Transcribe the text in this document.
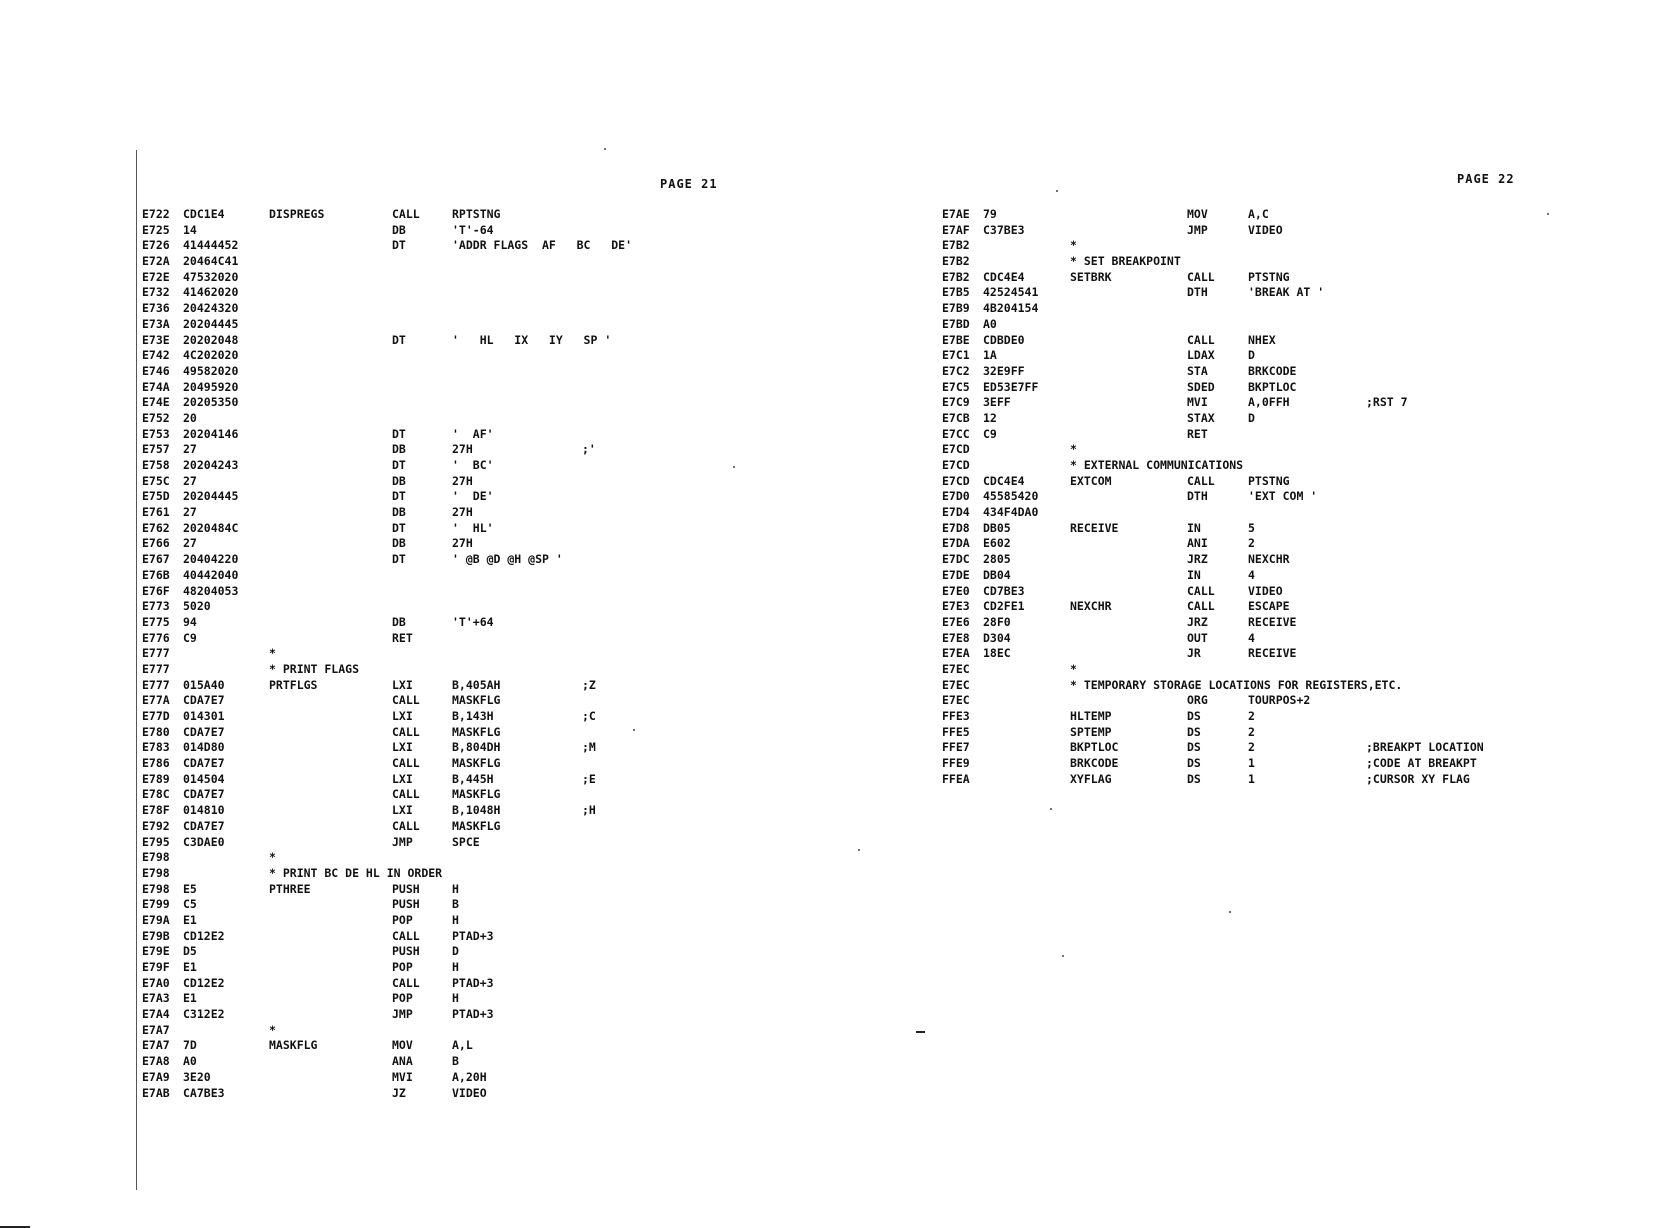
PAGE 21	PAGE 22
E722 CDC1E4	DISPREGS	CALL	RPTSTNG
E725 14	DB	'T'-64
E726 41444452	DT	'ADDR FLAGS  AF   BC   DE'
E72A 20464C41
E72E 47532020
E732 41462020
E736 20424320
E73A 20204445
E73E 20202048	DT	'   HL   IX   IY   SP '
E742 4C202020
E746 49582020
E74A 20495920
E74E 20205350
E752 20
E753 20204146	DT	'  AF'
E757 27	DB	27H	;'
E758 20204243	DT	'  BC'
E75C 27	DB	27H
E75D 20204445	DT	'  DE'
E761 27	DB	27H
E762 2020484C	DT	'  HL'
E766 27	DB	27H
E767 20404220	DT	' @B @D @H @SP '
E76B 40442040
E76F 48204053
E773 5020
E775 94	DB	'T'+64
E776 C9	RET
E777	*
E777	* PRINT FLAGS
E777 015A40	PRTFLGS	LXI	B,405AH	;Z
E77A CDA7E7	CALL	MASKFLG
E77D 014301	LXI	B,143H	;C
E780 CDA7E7	CALL	MASKFLG
E783 014D80	LXI	B,804DH	;M
E786 CDA7E7	CALL	MASKFLG
E789 014504	LXI	B,445H	;E
E78C CDA7E7	CALL	MASKFLG
E78F 014810	LXI	B,1048H	;H
E792 CDA7E7	CALL	MASKFLG
E795 C3DAE0	JMP	SPCE
E798	*
E798	* PRINT BC DE HL IN ORDER
E798 E5	PTHREE	PUSH	H
E799 C5	PUSH	B
E79A E1	POP	H
E79B CD12E2	CALL	PTAD+3
E79E D5	PUSH	D
E79F E1	POP	H
E7A0 CD12E2	CALL	PTAD+3
E7A3 E1	POP	H
E7A4 C312E2	JMP	PTAD+3
E7A7	*
E7A7 7D	MASKFLG	MOV	A,L
E7A8 A0	ANA	B
E7A9 3E20	MVI	A,20H
E7AB CA7BE3	JZ	VIDEO
E7AE 79	MOV	A,C
E7AF C37BE3	JMP	VIDEO
E7B2	*
E7B2	* SET BREAKPOINT
E7B2 CDC4E4	SETBRK	CALL	PTSTNG
E7B5 42524541	DTH	'BREAK AT '
E7B9 4B204154
E7BD A0
E7BE CDBDE0	CALL	NHEX
E7C1 1A	LDAX	D
E7C2 32E9FF	STA	BRKCODE
E7C5 ED53E7FF	SDED	BKPTLOC
E7C9 3EFF	MVI	A,0FFH	;RST 7
E7CB 12	STAX	D
E7CC C9	RET
E7CD	*
E7CD	* EXTERNAL COMMUNICATIONS
E7CD CDC4E4	EXTCOM	CALL	PTSTNG
E7D0 45585420	DTH	'EXT COM '
E7D4 434F4DA0
E7D8 DB05	RECEIVE	IN	5
E7DA E602	ANI	2
E7DC 2805	JRZ	NEXCHR
E7DE DB04	IN	4
E7E0 CD7BE3	CALL	VIDEO
E7E3 CD2FE1	NEXCHR	CALL	ESCAPE
E7E6 28F0	JRZ	RECEIVE
E7E8 D304	OUT	4
E7EA 18EC	JR	RECEIVE
E7EC	*
E7EC	* TEMPORARY STORAGE LOCATIONS FOR REGISTERS,ETC.
E7EC	ORG	TOURPOS+2
FFE3	HLTEMP	DS	2
FFE5	SPTEMP	DS	2
FFE7	BKPTLOC	DS	2	;BREAKPT LOCATION
FFE9	BRKCODE	DS	1	;CODE AT BREAKPT
FFEA	XYFLAG	DS	1	;CURSOR XY FLAG
